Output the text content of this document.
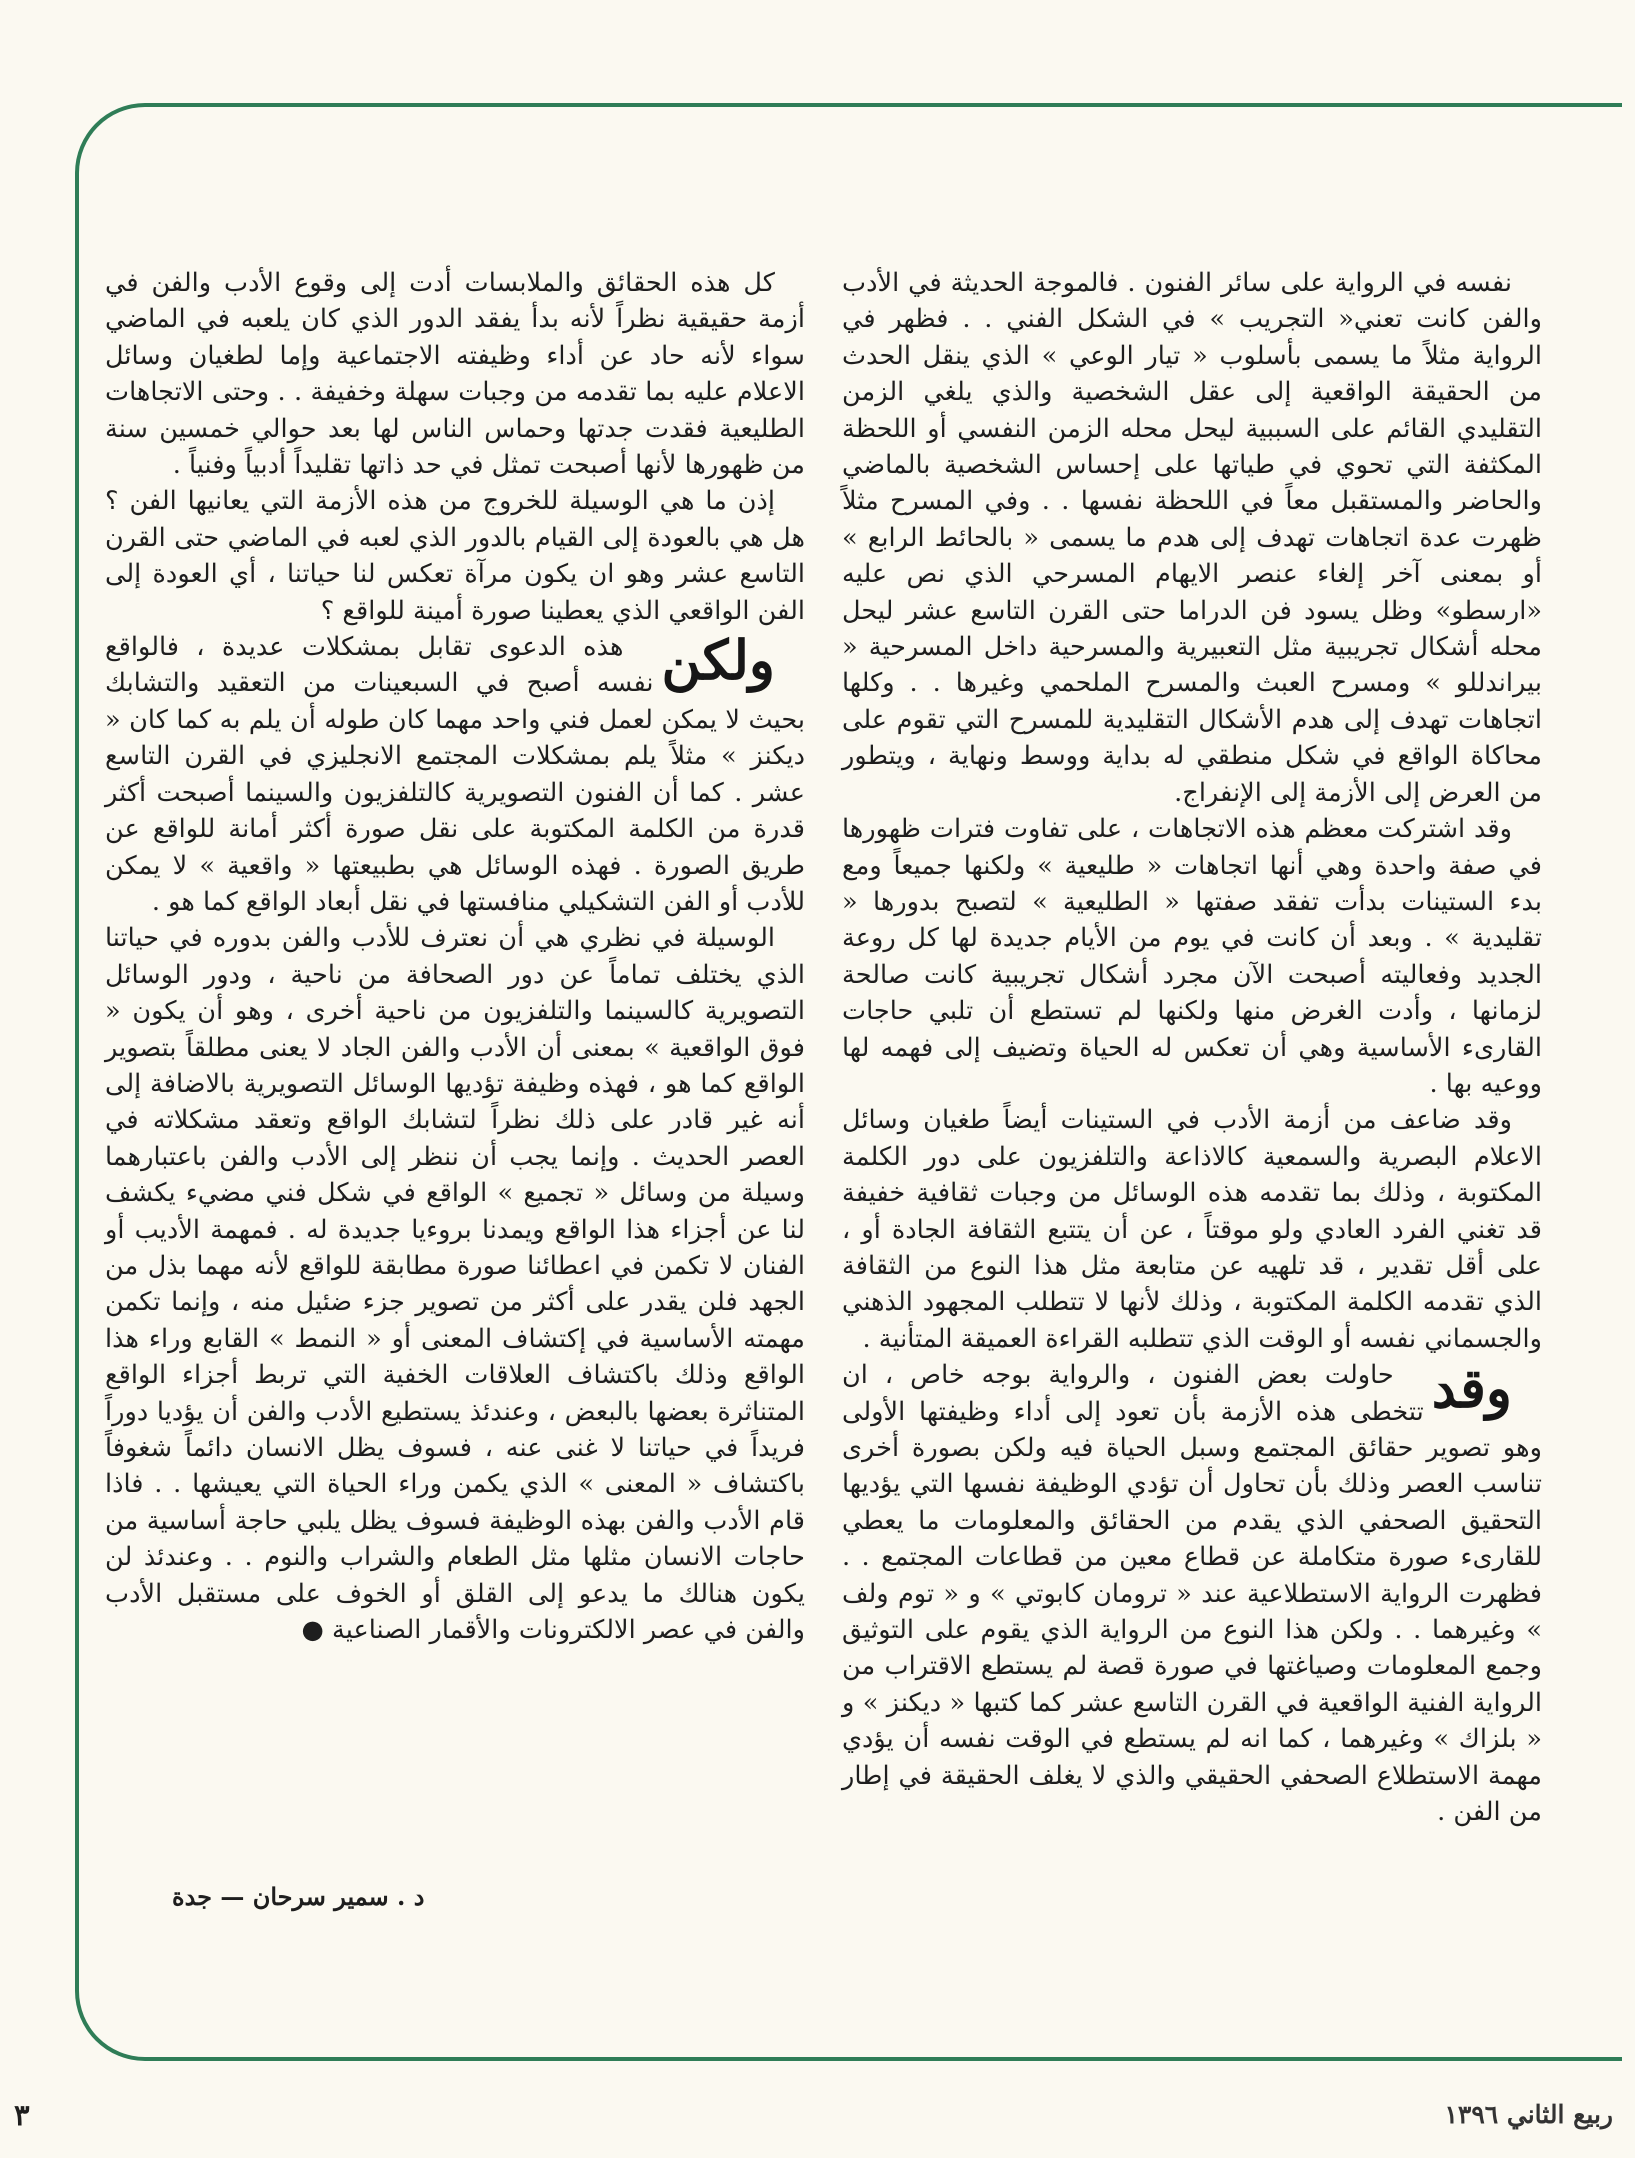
نفسه في الرواية على سائر الفنون . فالموجة الحديثة في الأدب والفن كانت تعني« التجريب » في الشكل الفني . . فظهر في الرواية مثلاً ما يسمى بأسلوب « تيار الوعي » الذي ينقل الحدث من الحقيقة الواقعية إلى عقل الشخصية والذي يلغي الزمن التقليدي القائم على السببية ليحل محله الزمن النفسي أو اللحظة المكثفة التي تحوي في طياتها على إحساس الشخصية بالماضي والحاضر والمستقبل معاً في اللحظة نفسها . . وفي المسرح مثلاً ظهرت عدة اتجاهات تهدف إلى هدم ما يسمى « بالحائط الرابع » أو بمعنى آخر إلغاء عنصر الايهام المسرحي الذي نص عليه «ارسطو» وظل يسود فن الدراما حتى القرن التاسع عشر ليحل محله أشكال تجريبية مثل التعبيرية والمسرحية داخل المسرحية « بيراندللو » ومسرح العبث والمسرح الملحمي وغيرها . . وكلها اتجاهات تهدف إلى هدم الأشكال التقليدية للمسرح التي تقوم على محاكاة الواقع في شكل منطقي له بداية ووسط ونهاية ، ويتطور من العرض إلى الأزمة إلى الإنفراج.

وقد اشتركت معظم هذه الاتجاهات ، على تفاوت فترات ظهورها في صفة واحدة وهي أنها اتجاهات « طليعية » ولكنها جميعاً ومع بدء الستينات بدأت تفقد صفتها « الطليعية » لتصبح بدورها « تقليدية » . وبعد أن كانت في يوم من الأيام جديدة لها كل روعة الجديد وفعاليته أصبحت الآن مجرد أشكال تجريبية كانت صالحة لزمانها ، وأدت الغرض منها ولكنها لم تستطع أن تلبي حاجات القارىء الأساسية وهي أن تعكس له الحياة وتضيف إلى فهمه لها ووعيه بها .

وقد ضاعف من أزمة الأدب في الستينات أيضاً طغيان وسائل الاعلام البصرية والسمعية كالاذاعة والتلفزيون على دور الكلمة المكتوبة ، وذلك بما تقدمه هذه الوسائل من وجبات ثقافية خفيفة قد تغني الفرد العادي ولو موقتاً ، عن أن يتتبع الثقافة الجادة أو ، على أقل تقدير ، قد تلهيه عن متابعة مثل هذا النوع من الثقافة الذي تقدمه الكلمة المكتوبة ، وذلك لأنها لا تتطلب المجهود الذهني والجسماني نفسه أو الوقت الذي تتطلبه القراءة العميقة المتأنية .

وقد
حاولت بعض الفنون ، والرواية بوجه خاص ، ان تتخطى هذه الأزمة بأن تعود إلى أداء وظيفتها الأولى وهو تصوير حقائق المجتمع وسبل الحياة فيه ولكن بصورة أخرى تناسب العصر وذلك بأن تحاول أن تؤدي الوظيفة نفسها التي يؤديها التحقيق الصحفي الذي يقدم من الحقائق والمعلومات ما يعطي للقارىء صورة متكاملة عن قطاع معين من قطاعات المجتمع . . فظهرت الرواية الاستطلاعية عند « ترومان كابوتي » و « توم ولف » وغيرهما . . ولكن هذا النوع من الرواية الذي يقوم على التوثيق وجمع المعلومات وصياغتها في صورة قصة لم يستطع الاقتراب من الرواية الفنية الواقعية في القرن التاسع عشر كما كتبها « ديكنز » و « بلزاك » وغيرهما ، كما انه لم يستطع في الوقت نفسه أن يؤدي مهمة الاستطلاع الصحفي الحقيقي والذي لا يغلف الحقيقة في إطار من الفن .

كل هذه الحقائق والملابسات أدت إلى وقوع الأدب والفن في أزمة حقيقية نظراً لأنه بدأ يفقد الدور الذي كان يلعبه في الماضي سواء لأنه حاد عن أداء وظيفته الاجتماعية وإما لطغيان وسائل الاعلام عليه بما تقدمه من وجبات سهلة وخفيفة . . وحتى الاتجاهات الطليعية فقدت جدتها وحماس الناس لها بعد حوالي خمسين سنة من ظهورها لأنها أصبحت تمثل في حد ذاتها تقليداً أدبياً وفنياً .

إذن ما هي الوسيلة للخروج من هذه الأزمة التي يعانيها الفن ؟ هل هي بالعودة إلى القيام بالدور الذي لعبه في الماضي حتى القرن التاسع عشر وهو ان يكون مرآة تعكس لنا حياتنا ، أي العودة إلى الفن الواقعي الذي يعطينا صورة أمينة للواقع ؟

ولكن
هذه الدعوى تقابل بمشكلات عديدة ، فالواقع نفسه أصبح في السبعينات من التعقيد والتشابك بحيث لا يمكن لعمل فني واحد مهما كان طوله أن يلم به كما كان « ديكنز » مثلاً يلم بمشكلات المجتمع الانجليزي في القرن التاسع عشر . كما أن الفنون التصويرية كالتلفزيون والسينما أصبحت أكثر قدرة من الكلمة المكتوبة على نقل صورة أكثر أمانة للواقع عن طريق الصورة . فهذه الوسائل هي بطبيعتها « واقعية » لا يمكن للأدب أو الفن التشكيلي منافستها في نقل أبعاد الواقع كما هو .

الوسيلة في نظري هي أن نعترف للأدب والفن بدوره في حياتنا الذي يختلف تماماً عن دور الصحافة من ناحية ، ودور الوسائل التصويرية كالسينما والتلفزيون من ناحية أخرى ، وهو أن يكون « فوق الواقعية » بمعنى أن الأدب والفن الجاد لا يعنى مطلقاً بتصوير الواقع كما هو ، فهذه وظيفة تؤديها الوسائل التصويرية بالاضافة إلى أنه غير قادر على ذلك نظراً لتشابك الواقع وتعقد مشكلاته في العصر الحديث . وإنما يجب أن ننظر إلى الأدب والفن باعتبارهما وسيلة من وسائل « تجميع » الواقع في شكل فني مضيء يكشف لنا عن أجزاء هذا الواقع ويمدنا بروءيا جديدة له . فمهمة الأديب أو الفنان لا تكمن في اعطائنا صورة مطابقة للواقع لأنه مهما بذل من الجهد فلن يقدر على أكثر من تصوير جزء ضئيل منه ، وإنما تكمن مهمته الأساسية في إكتشاف المعنى أو « النمط » القابع وراء هذا الواقع وذلك باكتشاف العلاقات الخفية التي تربط أجزاء الواقع المتناثرة بعضها بالبعض ، وعندئذ يستطيع الأدب والفن أن يؤديا دوراً فريداً في حياتنا لا غنى عنه ، فسوف يظل الانسان دائماً شغوفاً باكتشاف « المعنى » الذي يكمن وراء الحياة التي يعيشها . . فاذا قام الأدب والفن بهذه الوظيفة فسوف يظل يلبي حاجة أساسية من حاجات الانسان مثلها مثل الطعام والشراب والنوم . . وعندئذ لن يكون هنالك ما يدعو إلى القلق أو الخوف على مستقبل الأدب والفن في عصر الالكترونات والأقمار الصناعية ●

د . سمير سرحان — جدة
ربيع الثاني ١٣٩٦
٣
